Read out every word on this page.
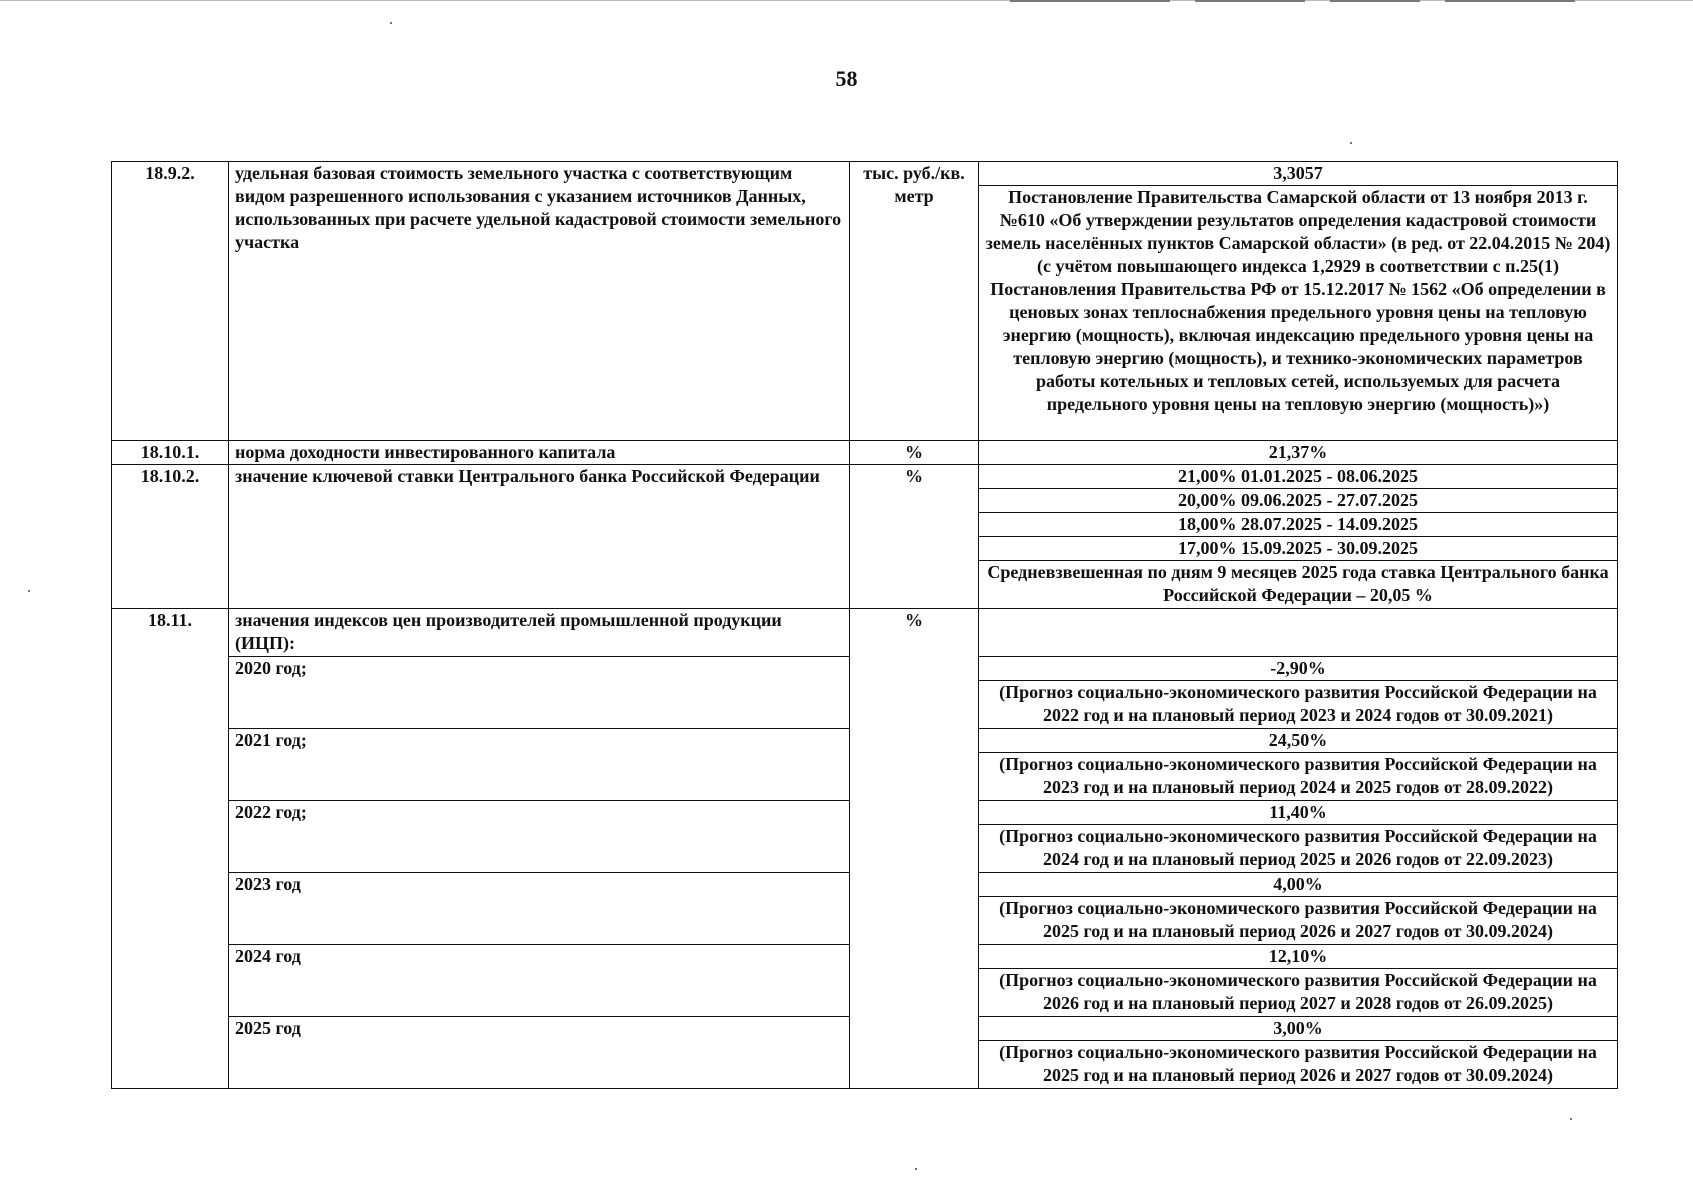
58
18.9.2.	удельная базовая стоимость земельного участка с соответствующим видом разрешенного использования с указанием источников Данных, использованных при расчете удельной кадастровой стоимости земельного участка	тыс. руб./кв. метр	3,3057
			Постановление Правительства Самарской области от 13 ноября 2013 г. №610 «Об утверждении результатов определения кадастровой стоимости земель населённых пунктов Самарской области» (в ред. от 22.04.2015 № 204) (с учётом повышающего индекса 1,2929 в соответствии с п.25(1) Постановления Правительства РФ от 15.12.2017 № 1562 «Об определении в ценовых зонах теплоснабжения предельного уровня цены на тепловую энергию (мощность), включая индексацию предельного уровня цены на тепловую энергию (мощность), и технико-экономических параметров работы котельных и тепловых сетей, используемых для расчета предельного уровня цены на тепловую энергию (мощность)»)
18.10.1.	норма доходности инвестированного капитала	%	21,37%
18.10.2.	значение ключевой ставки Центрального банка Российской Федерации	%	21,00% 01.01.2025 - 08.06.2025
			20,00% 09.06.2025 - 27.07.2025
			18,00% 28.07.2025 - 14.09.2025
			17,00% 15.09.2025 - 30.09.2025
			Средневзвешенная по дням 9 месяцев 2025 года ставка Центрального банка Российской Федерации – 20,05 %
18.11.	значения индексов цен производителей промышленной продукции (ИЦП):	%	
	2020 год;		-2,90%
			(Прогноз социально-экономического развития Российской Федерации на 2022 год и на плановый период 2023 и 2024 годов от 30.09.2021)
	2021 год;		24,50%
			(Прогноз социально-экономического развития Российской Федерации на 2023 год и на плановый период 2024 и 2025 годов от 28.09.2022)
	2022 год;		11,40%
			(Прогноз социально-экономического развития Российской Федерации на 2024 год и на плановый период 2025 и 2026 годов от 22.09.2023)
	2023 год		4,00%
			(Прогноз социально-экономического развития Российской Федерации на 2025 год и на плановый период 2026 и 2027 годов от 30.09.2024)
	2024 год		12,10%
			(Прогноз социально-экономического развития Российской Федерации на 2026 год и на плановый период 2027 и 2028 годов от 26.09.2025)
	2025 год		3,00%
			(Прогноз социально-экономического развития Российской Федерации на 2025 год и на плановый период 2026 и 2027 годов от 30.09.2024)
